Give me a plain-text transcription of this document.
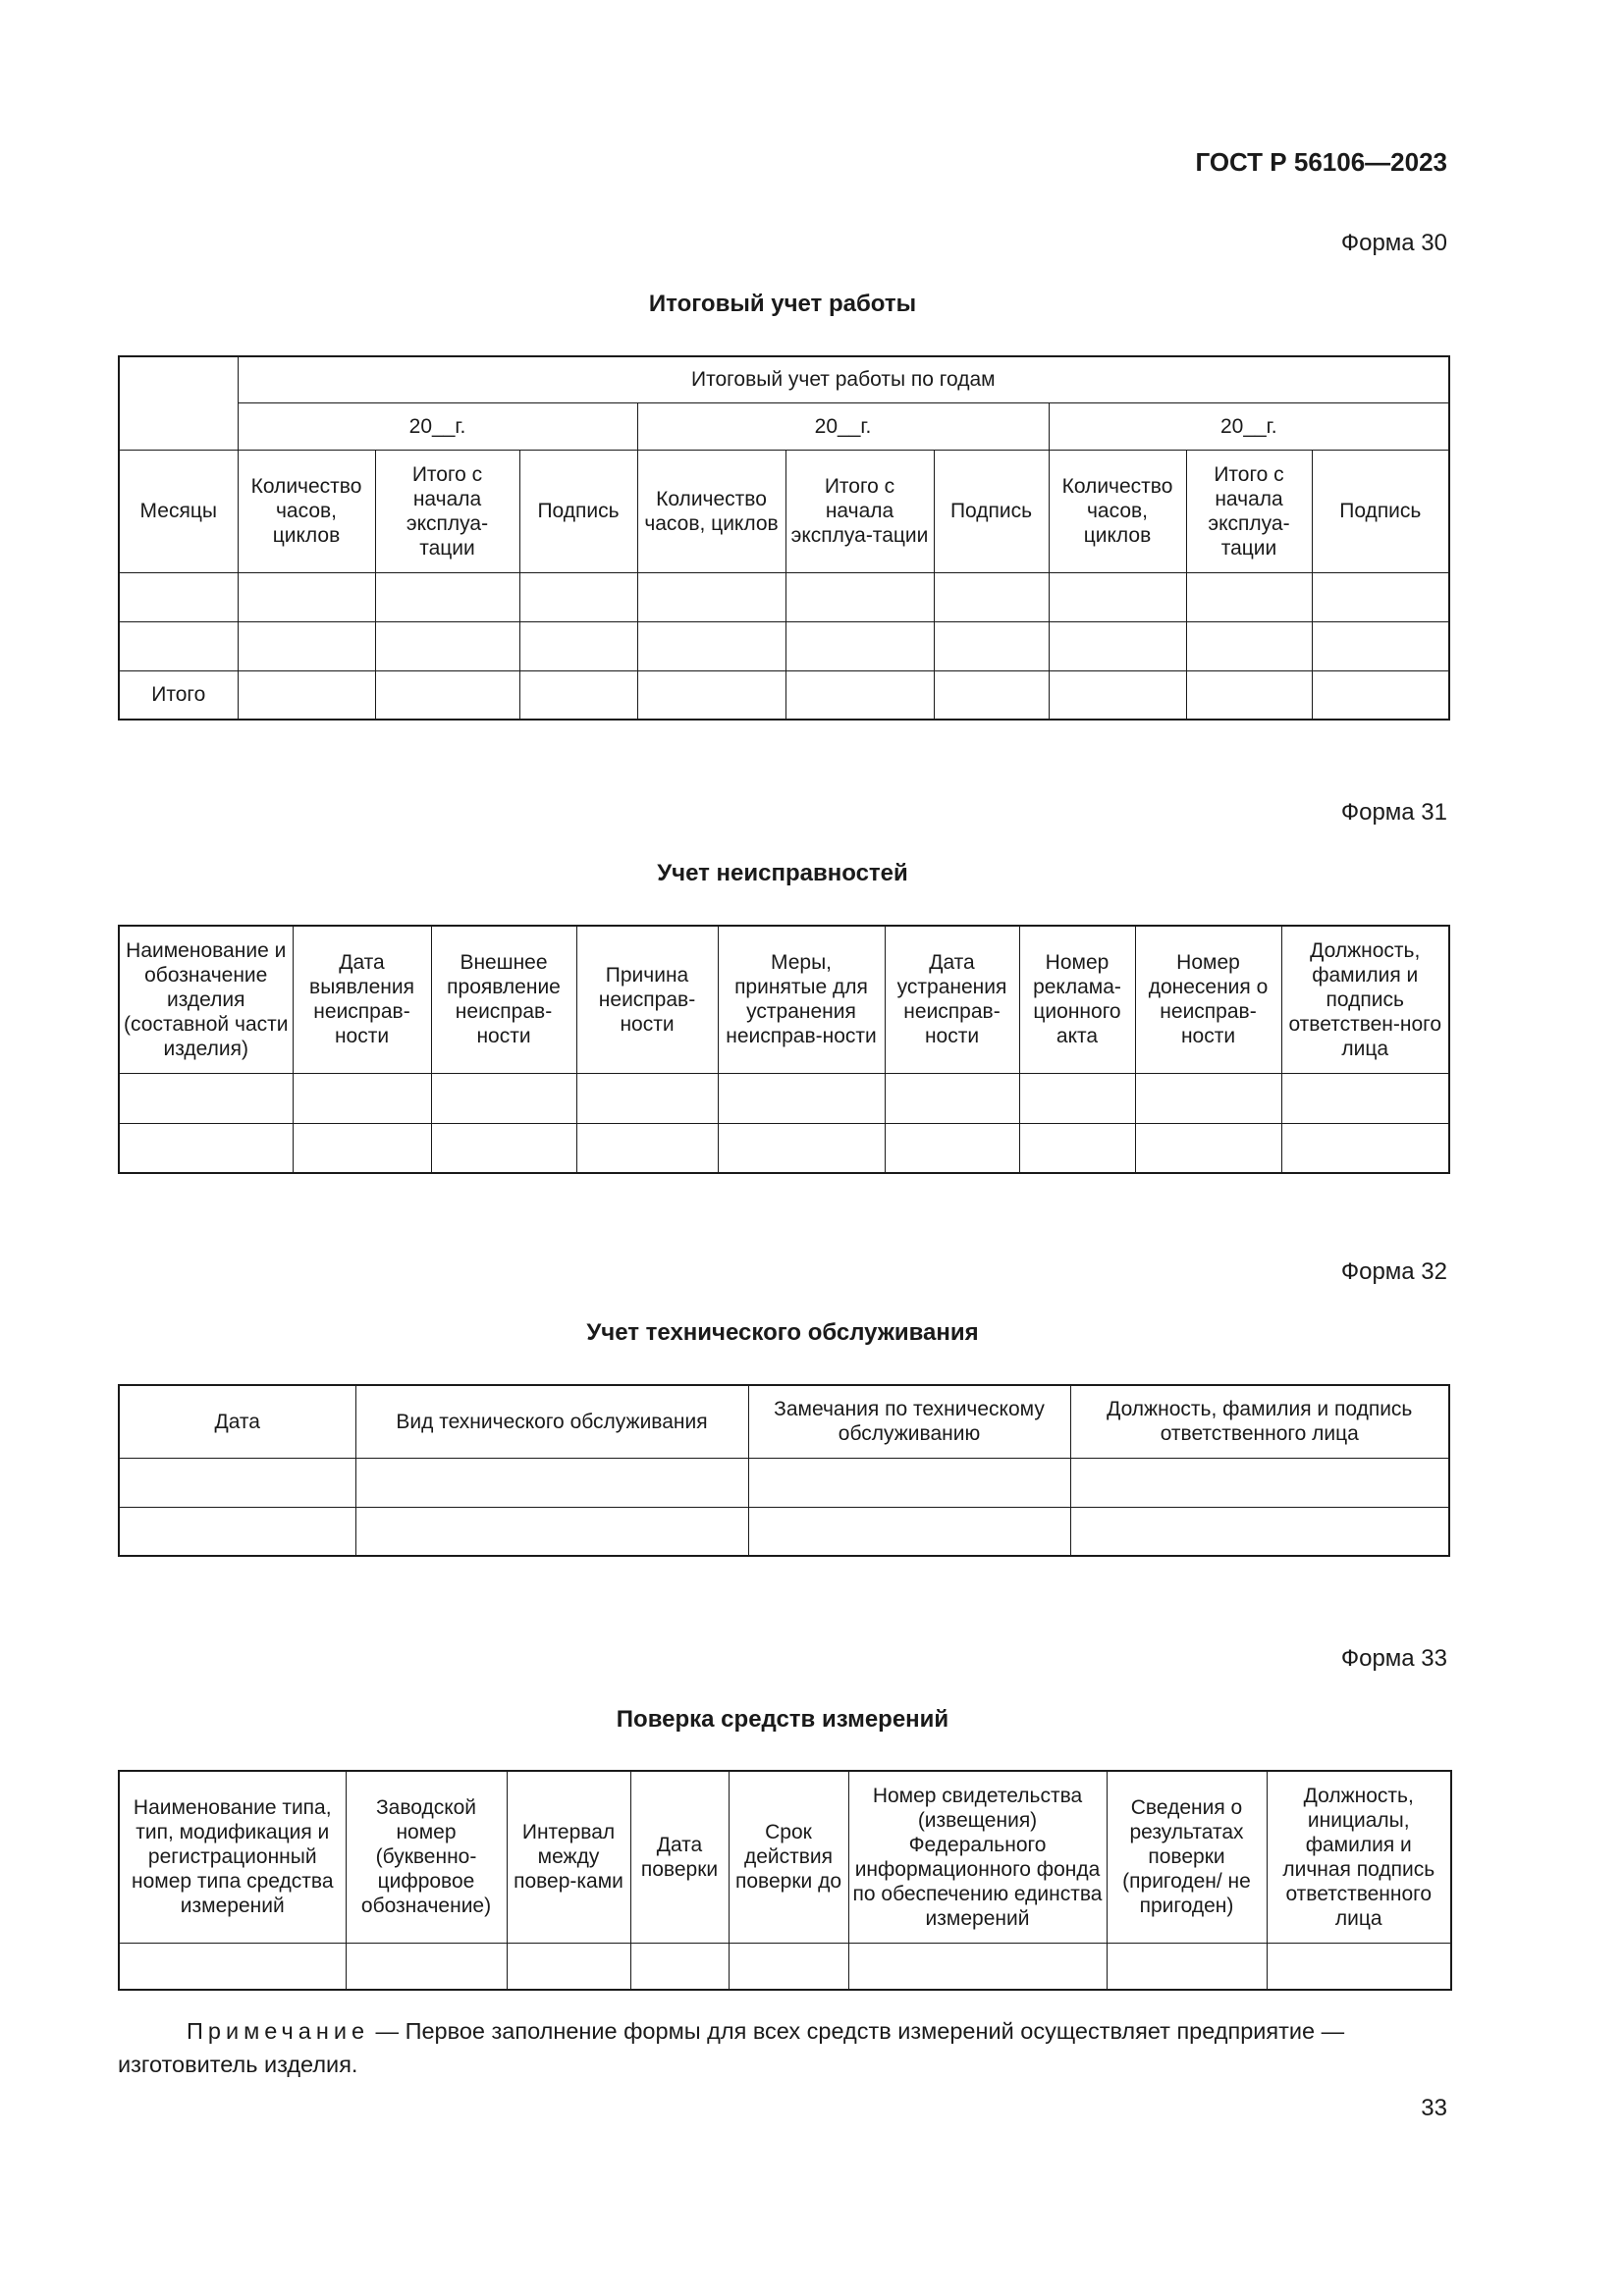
ГОСТ Р 56106—2023
Форма 30
Итоговый учет работы
	Итоговый учет работы по годам								
	20__г.			20__г.			20__г.		
Месяцы	Количество часов, циклов	Итого с начала эксплуа-тации	Подпись	Количество часов, циклов	Итого с начала эксплуа-тации	Подпись	Количество часов, циклов	Итого с начала эксплуа-тации	Подпись

Итого									
Форма 31
Учет неисправностей
Наименование и обозначение изделия (составной части изделия)	Дата выявления неисправ-ности	Внешнее проявление неисправ-ности	Причина неисправ-ности	Меры, принятые для устранения неисправ-ности	Дата устранения неисправ-ности	Номер реклама-ционного акта	Номер донесения о неисправ-ности	Должность, фамилия и подпись ответствен-ного лица

Форма 32
Учет технического обслуживания
Дата	Вид технического обслуживания	Замечания по техническому обслуживанию	Должность, фамилия и подпись ответственного лица

Форма 33
Поверка средств измерений
Наименование типа, тип, модификация и регистрационный номер типа средства измерений	Заводской номер (буквенно-цифровое обозначение)	Интервал между повер-ками	Дата поверки	Срок действия поверки до	Номер свидетельства (извещения) Федерального информационного фонда по обеспечению единства измерений	Сведения о результатах поверки (пригоден/ не пригоден)	Должность, инициалы, фамилия и личная подпись ответственного лица

Примечание — Первое заполнение формы для всех средств измерений осуществляет предприятие — изготовитель изделия.
33
